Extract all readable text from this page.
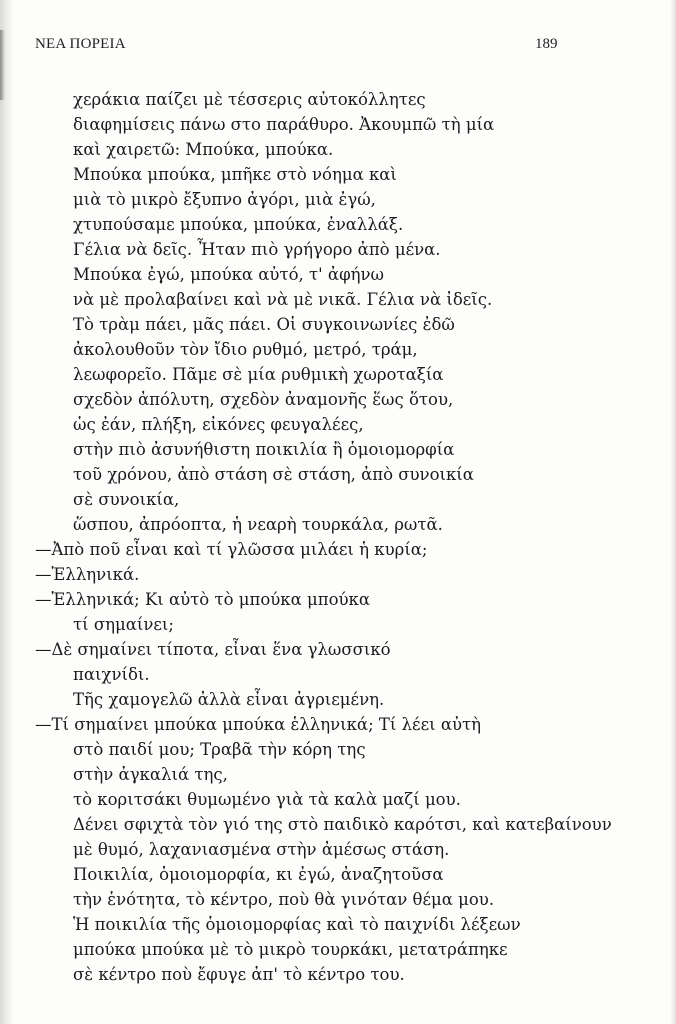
ΝΕΑ ΠΟΡΕΙΑ	189
χεράκια παίζει μὲ τέσσερις αὐτοκόλλητες
διαφημίσεις πάνω στο παράθυρο. Ἀκουμπῶ τὴ μία
καὶ χαιρετῶ: Μπούκα, μπούκα.
Μπούκα μπούκα, μπῆκε στὸ νόημα καὶ
μιὰ τὸ μικρὸ ἔξυπνο ἀγόρι, μιὰ ἐγώ,
χτυπούσαμε μπούκα, μπούκα, ἐναλλάξ.
Γέλια νὰ δεῖς. Ἦταν πιὸ γρήγορο ἀπὸ μένα.
Μπούκα ἐγώ, μπούκα αὐτό, τ' ἀφήνω
νὰ μὲ προλαβαίνει καὶ νὰ μὲ νικᾶ. Γέλια νὰ ἰδεῖς.
Τὸ τρὰμ πάει, μᾶς πάει. Οἱ συγκοινωνίες ἐδῶ
ἀκολουθοῦν τὸν ἴδιο ρυθμό, μετρό, τράμ,
λεωφορεῖο. Πᾶμε σὲ μία ρυθμικὴ χωροταξία
σχεδὸν ἀπόλυτη, σχεδὸν ἀναμονῆς ἕως ὅτου,
ὡς ἐάν, πλήξη, εἰκόνες φευγαλέες,
στὴν πιὸ ἀσυνήθιστη ποικιλία ἢ ὁμοιομορφία
τοῦ χρόνου, ἀπὸ στάση σὲ στάση, ἀπὸ συνοικία
σὲ συνοικία,
ὥσπου, ἀπρόοπτα, ἡ νεαρὴ τουρκάλα, ρωτᾶ.
—Ἀπὸ ποῦ εἶναι καὶ τί γλῶσσα μιλάει ἡ κυρία;
—Ἑλληνικά.
—Ἑλληνικά; Κι αὐτὸ τὸ μπούκα μπούκα
τί σημαίνει;
—Δὲ σημαίνει τίποτα, εἶναι ἕνα γλωσσικό
παιχνίδι.
Τῆς χαμογελῶ ἀλλὰ εἶναι ἀγριεμένη.
—Τί σημαίνει μπούκα μπούκα ἑλληνικά; Τί λέει αὐτὴ
στὸ παιδί μου; Τραβᾶ τὴν κόρη της
στὴν ἀγκαλιά της,
τὸ κοριτσάκι θυμωμένο γιὰ τὰ καλὰ μαζί μου.
Δένει σφιχτὰ τὸν γιό της στὸ παιδικὸ καρότσι, καὶ κατεβαίνουν
μὲ θυμό, λαχανιασμένα στὴν ἀμέσως στάση.
Ποικιλία, ὁμοιομορφία, κι ἐγώ, ἀναζητοῦσα
τὴν ἑνότητα, τὸ κέντρο, ποὺ θὰ γινόταν θέμα μου.
Ἡ ποικιλία τῆς ὁμοιομορφίας καὶ τὸ παιχνίδι λέξεων
μπούκα μπούκα μὲ τὸ μικρὸ τουρκάκι, μετατράπηκε
σὲ κέντρο ποὺ ἔφυγε ἀπ' τὸ κέντρο του.
